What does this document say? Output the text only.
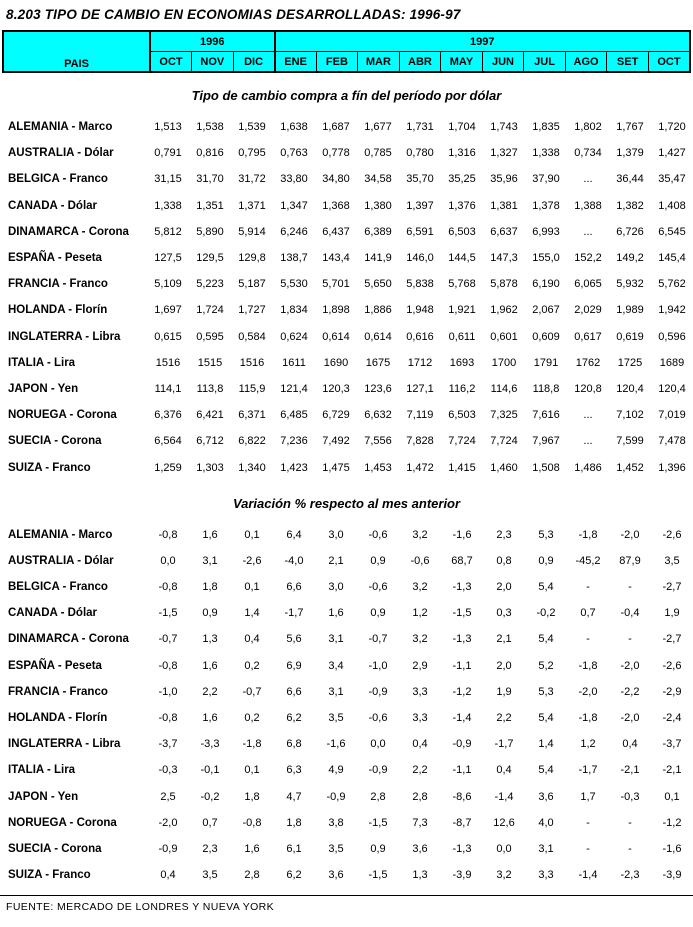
8.203 TIPO DE CAMBIO EN ECONOMIAS DESARROLLADAS: 1996-97
PAIS	1996			1997									
	OCT	NOV	DIC	ENE	FEB	MAR	ABR	MAY	JUN	JUL	AGO	SET	OCT
Tipo de cambio compra a fín del período por dólar
ALEMANIA - Marco	1,513	1,538	1,539	1,638	1,687	1,677	1,731	1,704	1,743	1,835	1,802	1,767	1,720
AUSTRALIA - Dólar	0,791	0,816	0,795	0,763	0,778	0,785	0,780	1,316	1,327	1,338	0,734	1,379	1,427
BELGICA - Franco	31,15	31,70	31,72	33,80	34,80	34,58	35,70	35,25	35,96	37,90	...	36,44	35,47
CANADA - Dólar	1,338	1,351	1,371	1,347	1,368	1,380	1,397	1,376	1,381	1,378	1,388	1,382	1,408
DINAMARCA - Corona	5,812	5,890	5,914	6,246	6,437	6,389	6,591	6,503	6,637	6,993	...	6,726	6,545
ESPAÑA - Peseta	127,5	129,5	129,8	138,7	143,4	141,9	146,0	144,5	147,3	155,0	152,2	149,2	145,4
FRANCIA - Franco	5,109	5,223	5,187	5,530	5,701	5,650	5,838	5,768	5,878	6,190	6,065	5,932	5,762
HOLANDA - Florín	1,697	1,724	1,727	1,834	1,898	1,886	1,948	1,921	1,962	2,067	2,029	1,989	1,942
INGLATERRA - Libra	0,615	0,595	0,584	0,624	0,614	0,614	0,616	0,611	0,601	0,609	0,617	0,619	0,596
ITALIA - Lira	1516	1515	1516	1611	1690	1675	1712	1693	1700	1791	1762	1725	1689
JAPON - Yen	114,1	113,8	115,9	121,4	120,3	123,6	127,1	116,2	114,6	118,8	120,8	120,4	120,4
NORUEGA - Corona	6,376	6,421	6,371	6,485	6,729	6,632	7,119	6,503	7,325	7,616	...	7,102	7,019
SUECIA - Corona	6,564	6,712	6,822	7,236	7,492	7,556	7,828	7,724	7,724	7,967	...	7,599	7,478
SUIZA - Franco	1,259	1,303	1,340	1,423	1,475	1,453	1,472	1,415	1,460	1,508	1,486	1,452	1,396
Variación % respecto al mes anterior
ALEMANIA - Marco	-0,8	1,6	0,1	6,4	3,0	-0,6	3,2	-1,6	2,3	5,3	-1,8	-2,0	-2,6
AUSTRALIA - Dólar	0,0	3,1	-2,6	-4,0	2,1	0,9	-0,6	68,7	0,8	0,9	-45,2	87,9	3,5
BELGICA - Franco	-0,8	1,8	0,1	6,6	3,0	-0,6	3,2	-1,3	2,0	5,4	-	-	-2,7
CANADA - Dólar	-1,5	0,9	1,4	-1,7	1,6	0,9	1,2	-1,5	0,3	-0,2	0,7	-0,4	1,9
DINAMARCA - Corona	-0,7	1,3	0,4	5,6	3,1	-0,7	3,2	-1,3	2,1	5,4	-	-	-2,7
ESPAÑA - Peseta	-0,8	1,6	0,2	6,9	3,4	-1,0	2,9	-1,1	2,0	5,2	-1,8	-2,0	-2,6
FRANCIA - Franco	-1,0	2,2	-0,7	6,6	3,1	-0,9	3,3	-1,2	1,9	5,3	-2,0	-2,2	-2,9
HOLANDA - Florín	-0,8	1,6	0,2	6,2	3,5	-0,6	3,3	-1,4	2,2	5,4	-1,8	-2,0	-2,4
INGLATERRA - Libra	-3,7	-3,3	-1,8	6,8	-1,6	0,0	0,4	-0,9	-1,7	1,4	1,2	0,4	-3,7
ITALIA - Lira	-0,3	-0,1	0,1	6,3	4,9	-0,9	2,2	-1,1	0,4	5,4	-1,7	-2,1	-2,1
JAPON - Yen	2,5	-0,2	1,8	4,7	-0,9	2,8	2,8	-8,6	-1,4	3,6	1,7	-0,3	0,1
NORUEGA - Corona	-2,0	0,7	-0,8	1,8	3,8	-1,5	7,3	-8,7	12,6	4,0	-	-	-1,2
SUECIA - Corona	-0,9	2,3	1,6	6,1	3,5	0,9	3,6	-1,3	0,0	3,1	-	-	-1,6
SUIZA - Franco	0,4	3,5	2,8	6,2	3,6	-1,5	1,3	-3,9	3,2	3,3	-1,4	-2,3	-3,9
FUENTE: MERCADO DE LONDRES Y NUEVA YORK
